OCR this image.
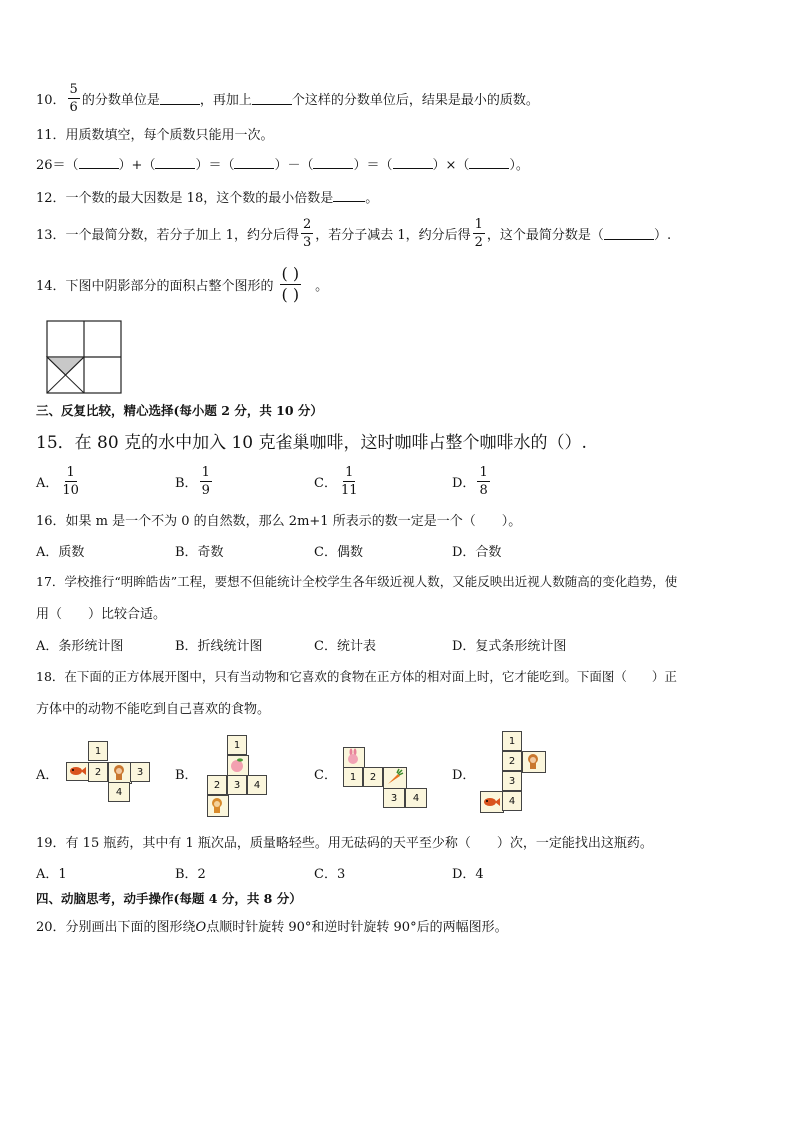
10． $\frac{5}{6}$ 的分数单位是	，再加上	个这样的分数单位后，结果是最小的质数。
11．用质数填空，每个质数只能用一次。
26＝（	）+（	）＝（	）－（	）＝（	）×（	）。
12．一个数的最大因数是 18，这个数的最小倍数是 。
13．一个最简分数，若分子加上 1，约分后得 $\frac{2}{3}$ ，若分子减去 1，约分后得 $\frac{1}{2}$ ，这个最简分数是（	）.
14．下图中阴影部分的面积占整个图形的 $\frac{( )}{( )}$ 。
三、反复比较，精心选择(每小题 2 分，共 10 分）
15．在 80 克的水中加入 10 克雀巢咖啡，这时咖啡占整个咖啡水的（）.
A． $\frac{1}{10}$	B． $\frac{1}{9}$	C． $\frac{1}{11}$	D． $\frac{1}{8}$
16．如果 m 是一个不为 0 的自然数，那么 2m+1 所表示的数一定是一个（　　）。
A．质数	B．奇数	C．偶数	D．合数
17．学校推行“明眸皓齿”工程，要想不但能统计全校学生各年级近视人数，又能反映出近视人数随高的变化趋势，使
用（　　）比较合适。
A．条形统计图	B．折线统计图	C．统计表	D．复式条形统计图
18．在下面的正方体展开图中，只有当动物和它喜欢的食物在正方体的相对面上时，它才能吃到。下面图（　　）正
方体中的动物不能吃到自己喜欢的食物。
A．
1
2	3
4
B．
1
2	3	4
C．	1	2
3	4
D．
1
2
3
4
19．有 15 瓶药，其中有 1 瓶次品，质量略轻些。用无砝码的天平至少称（　　）次，一定能找出这瓶药。
A．1	B．2	C．3	D．4
四、动脑思考，动手操作(每题 4 分，共 8 分）
20．分别画出下面的图形绕O点顺时针旋转 90°和逆时针旋转 90°后的两幅图形。
